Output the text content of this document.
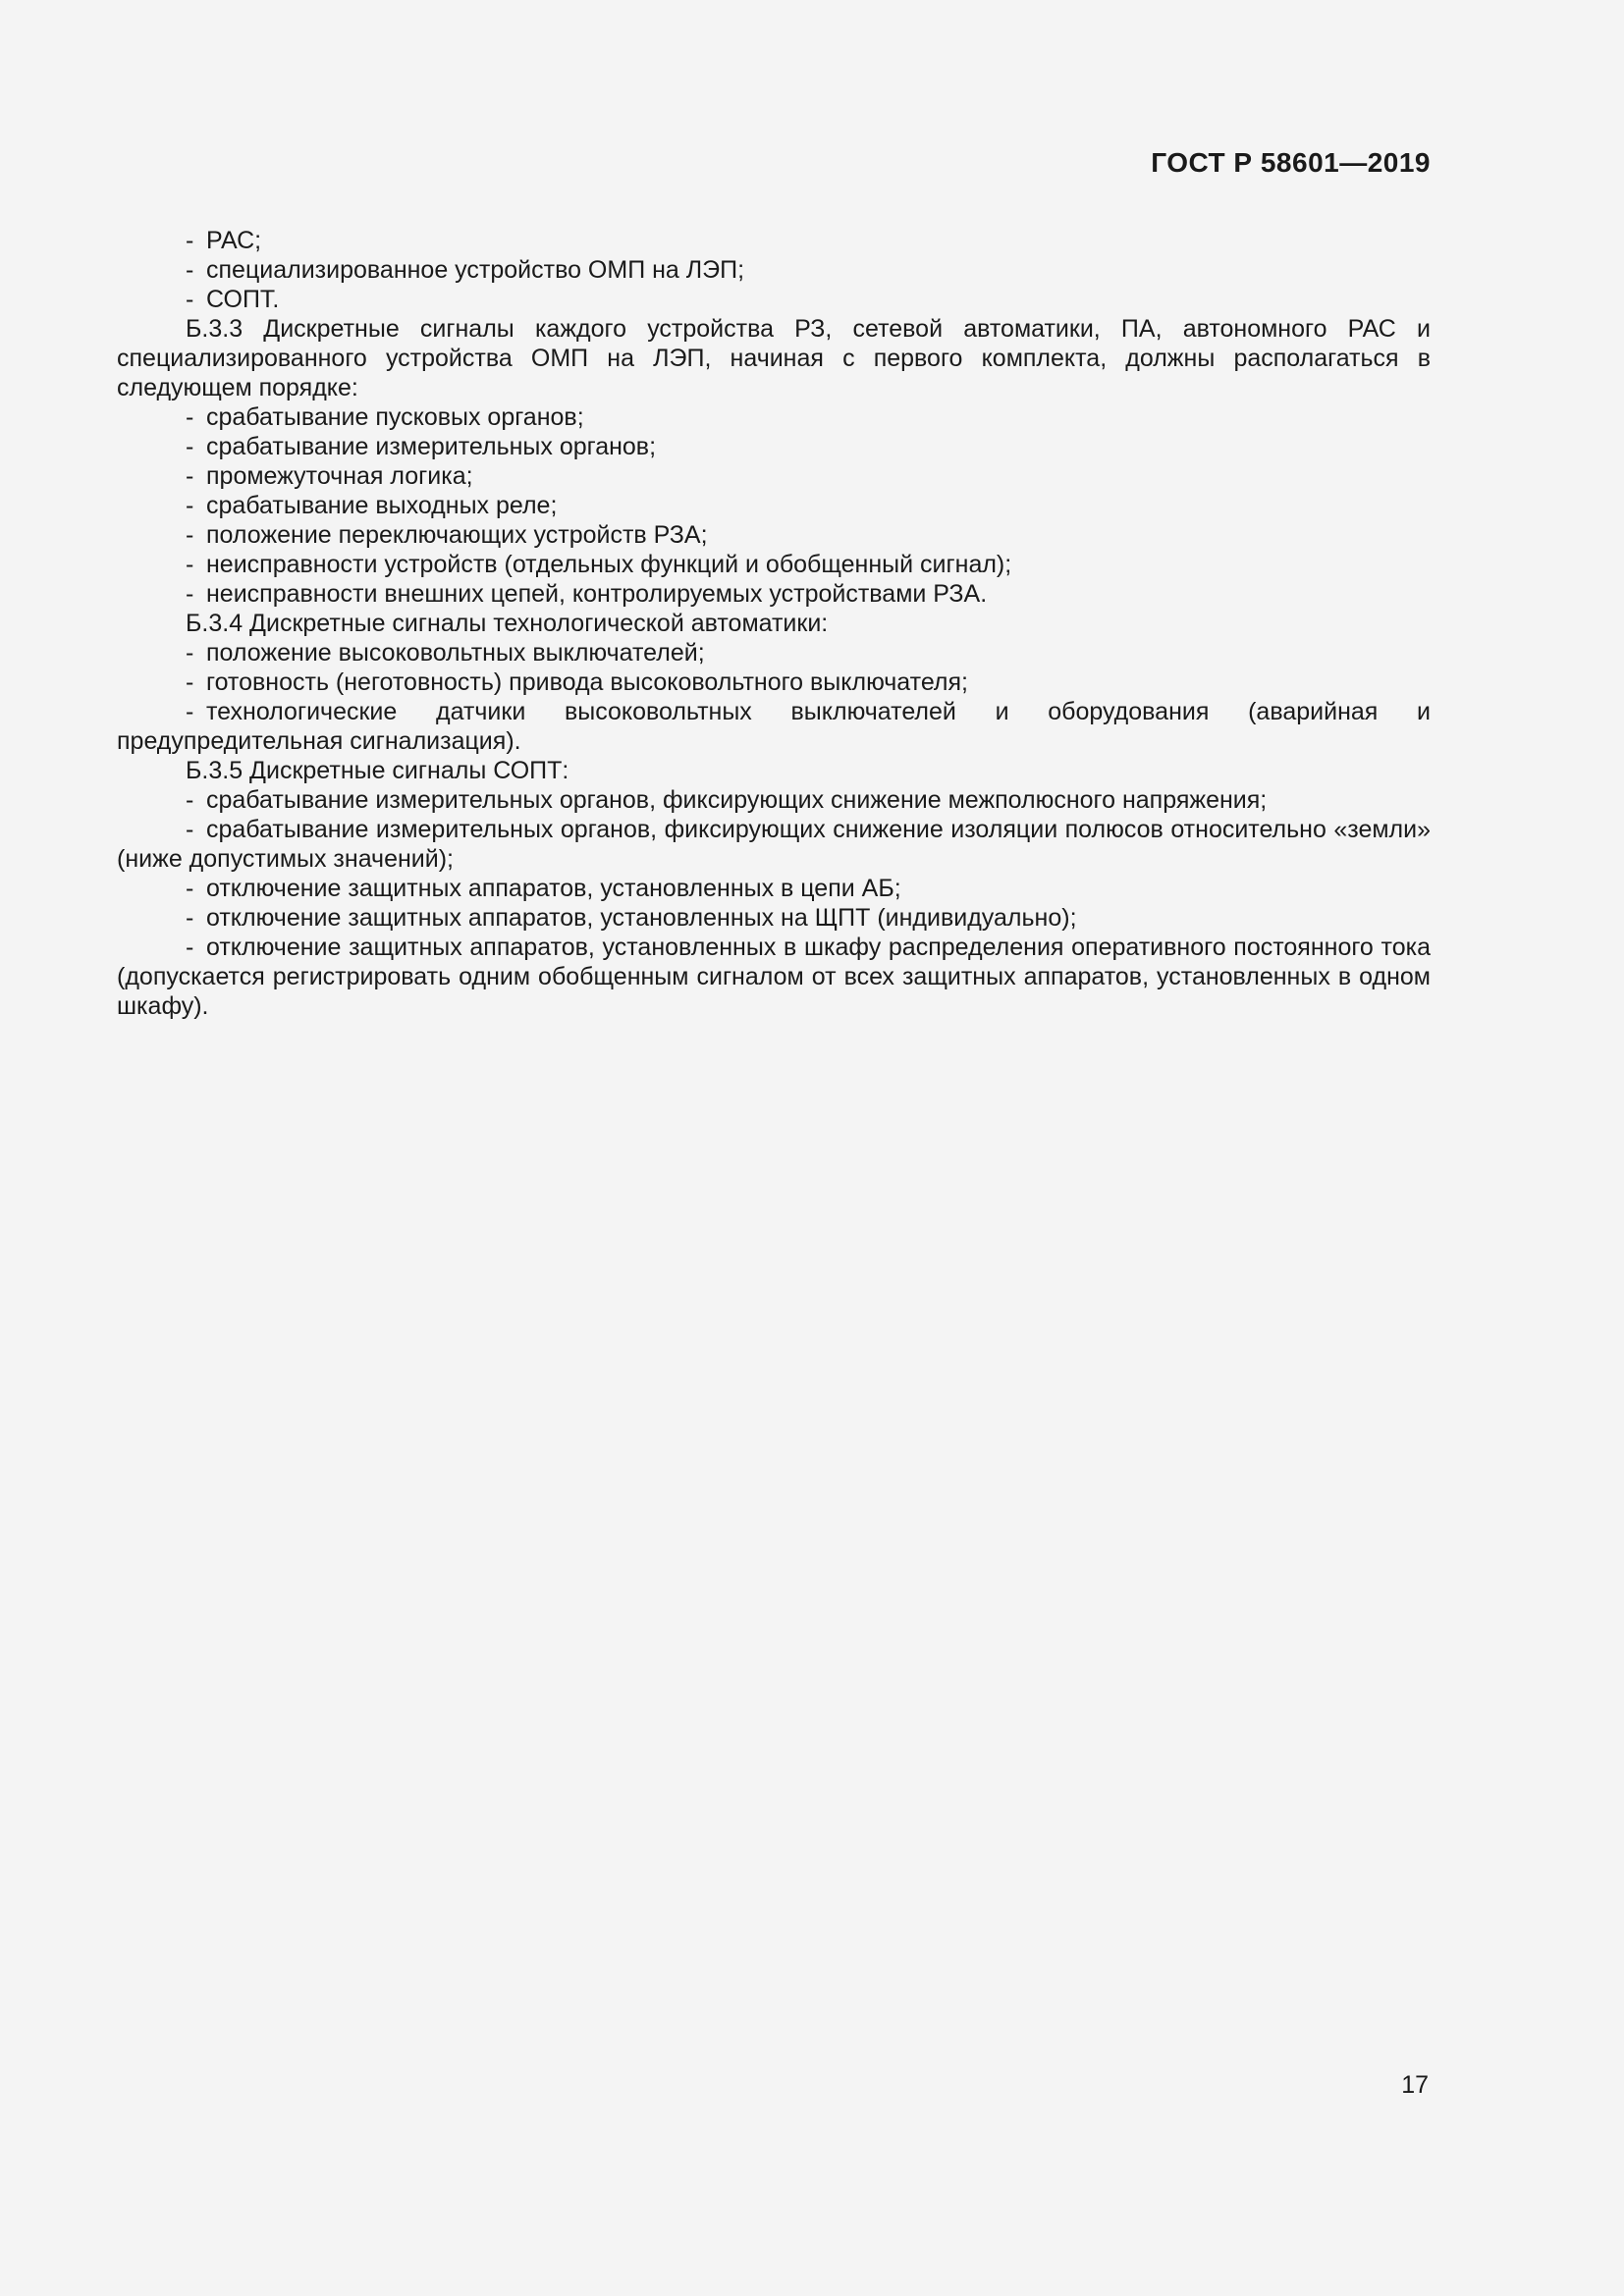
ГОСТ Р 58601—2019

- РАС;

- специализированное устройство ОМП на ЛЭП;

- СОПТ.

Б.3.3 Дискретные сигналы каждого устройства РЗ, сетевой автоматики, ПА, автономного РАС и специализированного устройства ОМП на ЛЭП, начиная с первого комплекта, должны располагаться в следующем порядке:

- срабатывание пусковых органов;

- срабатывание измерительных органов;

- промежуточная логика;

- срабатывание выходных реле;

- положение переключающих устройств РЗА;

- неисправности устройств (отдельных функций и обобщенный сигнал);

- неисправности внешних цепей, контролируемых устройствами РЗА.

Б.3.4 Дискретные сигналы технологической автоматики:

- положение высоковольтных выключателей;

- готовность (неготовность) привода высоковольтного выключателя;

- технологические датчики высоковольтных выключателей и оборудования (аварийная и предупредительная сигнализация).

Б.3.5 Дискретные сигналы СОПТ:

- срабатывание измерительных органов, фиксирующих снижение межполюсного напряжения;

- срабатывание измерительных органов, фиксирующих снижение изоляции полюсов относительно «земли» (ниже допустимых значений);

- отключение защитных аппаратов, установленных в цепи АБ;

- отключение защитных аппаратов, установленных на ЩПТ (индивидуально);

- отключение защитных аппаратов, установленных в шкафу распределения оперативного постоянного тока (допускается регистрировать одним обобщенным сигналом от всех защитных аппаратов, установленных в одном шкафу).

17
